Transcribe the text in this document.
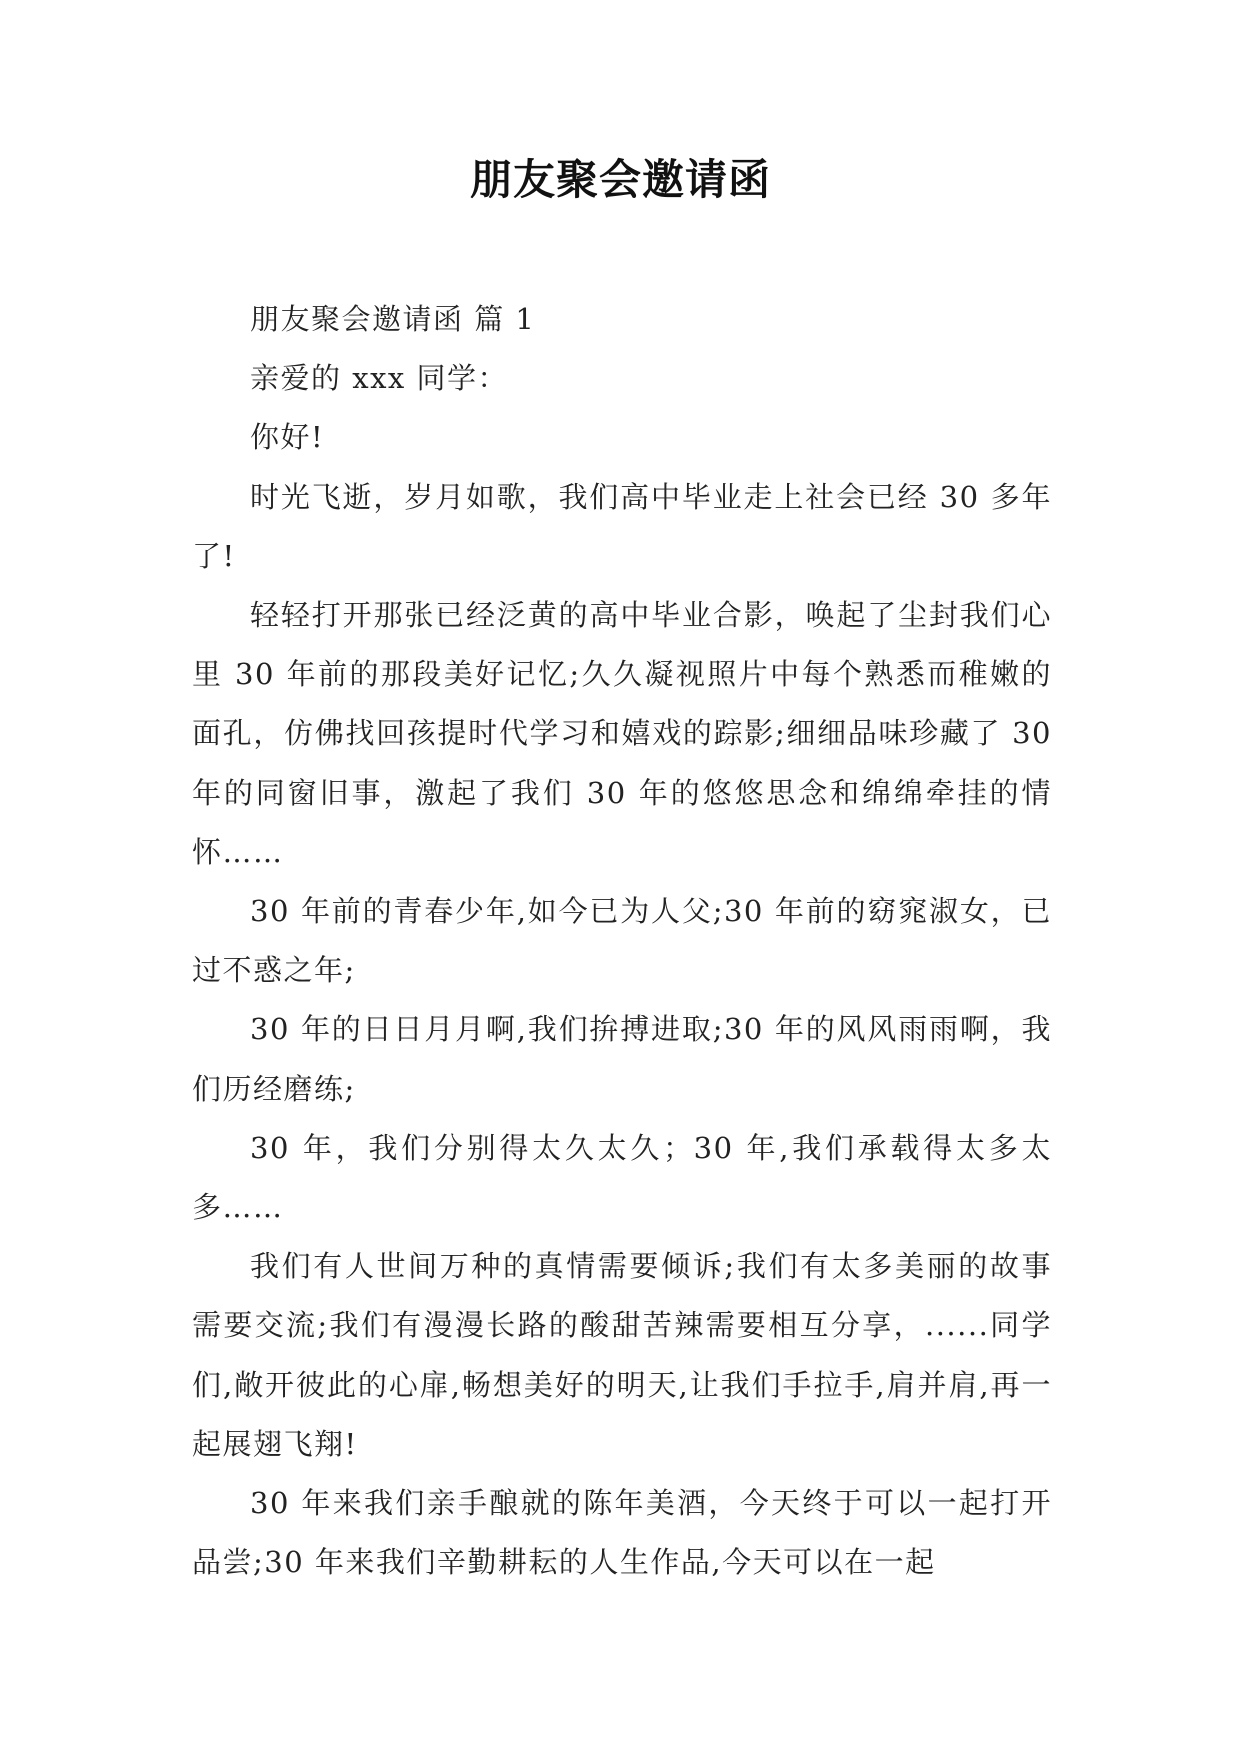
朋友聚会邀请函

朋友聚会邀请函 篇 1

亲爱的 xxx 同学：

你好!

时光飞逝，岁月如歌，我们高中毕业走上社会已经 30 多年了!

轻轻打开那张已经泛黄的高中毕业合影，唤起了尘封我们心里 30 年前的那段美好记忆;久久凝视照片中每个熟悉而稚嫩的面孔，仿佛找回孩提时代学习和嬉戏的踪影;细细品味珍藏了 30 年的同窗旧事，激起了我们 30 年的悠悠思念和绵绵牵挂的情怀……

30 年前的青春少年,如今已为人父;30 年前的窈窕淑女，已过不惑之年;

30 年的日日月月啊,我们拚搏进取;30 年的风风雨雨啊，我们历经磨练;

30 年，我们分别得太久太久；30 年,我们承载得太多太多……

我们有人世间万种的真情需要倾诉;我们有太多美丽的故事需要交流;我们有漫漫长路的酸甜苦辣需要相互分享，......同学们,敞开彼此的心扉,畅想美好的明天,让我们手拉手,肩并肩,再一起展翅飞翔!

30 年来我们亲手酿就的陈年美酒，今天终于可以一起打开品尝;30 年来我们辛勤耕耘的人生作品,今天可以在一起
